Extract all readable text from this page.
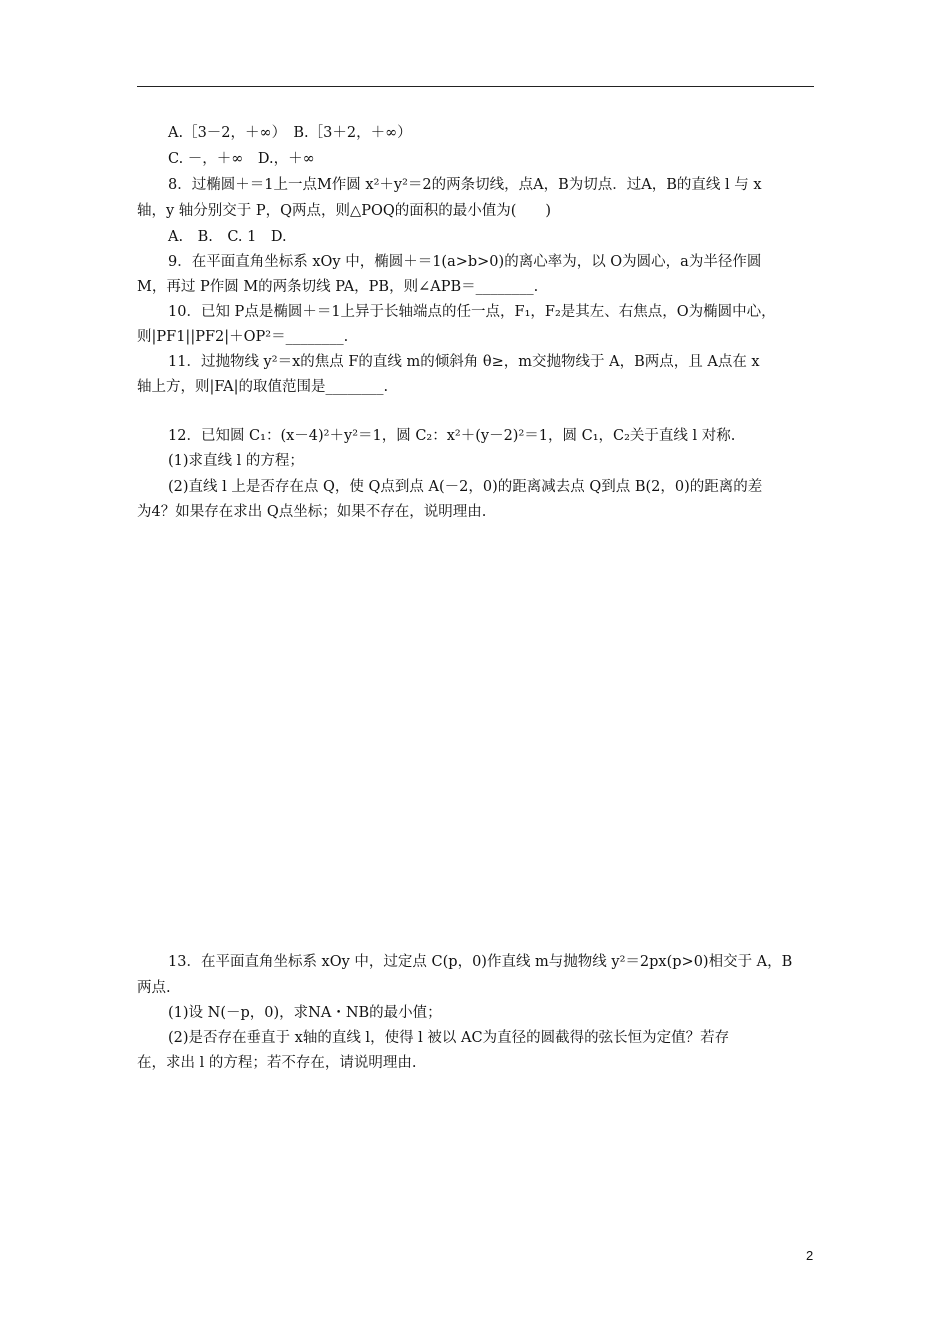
A.［3－2，＋∞）　B.［3＋2，＋∞）
C. －，＋∞　D.，＋∞
8．过椭圆＋＝1上一点M作圆 x²＋y²＝2的两条切线，点A，B为切点．过A，B的直线 l 与 x
轴，y 轴分别交于 P，Q两点，则△POQ的面积的最小值为(　　)
A.　B.　C. 1　D.
9．在平面直角坐标系 xOy 中，椭圆＋＝1(a>b>0)的离心率为，以 O为圆心，a为半径作圆
M，再过 P作圆 M的两条切线 PA，PB，则∠APB＝________.
10．已知 P点是椭圆＋＝1上异于长轴端点的任一点，F₁，F₂是其左、右焦点，O为椭圆中心，
则|PF1||PF2|＋OP²＝________.
11．过抛物线 y²＝x的焦点 F的直线 m的倾斜角 θ≥，m交抛物线于 A，B两点，且 A点在 x
轴上方，则|FA|的取值范围是________.
12．已知圆 C₁：(x－4)²＋y²＝1，圆 C₂：x²＋(y－2)²＝1，圆 C₁，C₂关于直线 l 对称.
(1)求直线 l 的方程；
(2)直线 l 上是否存在点 Q，使 Q点到点 A(－2，0)的距离减去点 Q到点 B(2，0)的距离的差
为4？如果存在求出 Q点坐标；如果不存在，说明理由.
13．在平面直角坐标系 xOy 中，过定点 C(p，0)作直线 m与抛物线 y²＝2px(p>0)相交于 A，B
两点.
(1)设 N(－p，0)，求NA・NB的最小值；
(2)是否存在垂直于 x轴的直线 l，使得 l 被以 AC为直径的圆截得的弦长恒为定值？若存
在，求出 l 的方程；若不存在，请说明理由.
2
